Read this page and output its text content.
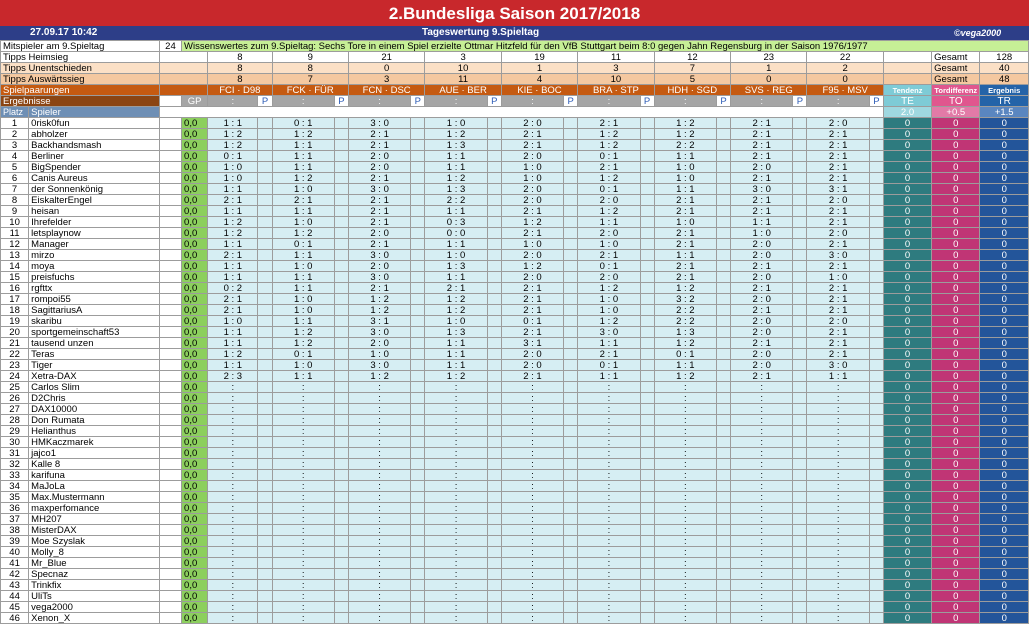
2.Bundesliga Saison 2017/2018
27.09.17 10:42	Tageswertung 9.Spieltag	©vega2000
Mitspieler am 9.Spieltag		24	Wissenswertes zum 9.Spieltag: Sechs Tore in einem Spiel erzielte Ottmar Hitzfeld für den VfB Stuttgart beim 8:0 gegen Jahn Regensburg in der Saison 1976/1977																					
Tipps Heimsieg				8		9		21		3		19		11		12		23		22			Gesamt	128
Tipps Unentschieden				8		8		0		10		1		3		7		1		2			Gesamt	40
Tipps Auswärtssieg				8		7		3		11		4		10		5		0		0			Gesamt	48
Spielpaarungen				FCI · D98		FCK · FÜR		FCN · DSC		AUE · BER		KIE · BOC		BRA · STP		HDH · SGD		SVS · REG		F95 · MSV		Tendenz	Tordifferenz	Ergebnis
Ergebnisse			GP	:	P	:	P	:	P	:	P	:	P	:	P	:	P	:	P	:	P	TE	TO	TR
Platz	Spieler																					2.0	+0.5	+1.5
1	0risk0fun		0,0	1 : 1		0 : 1		3 : 0		1 : 0		2 : 0		2 : 1		1 : 2		2 : 1		2 : 0		0	0	0
2	abholzer		0,0	1 : 2		1 : 2		2 : 1		1 : 2		2 : 1		1 : 2		1 : 2		2 : 1		2 : 1		0	0	0
3	Backhandsmash		0,0	1 : 2		1 : 1		2 : 1		1 : 3		2 : 1		1 : 2		2 : 2		2 : 1		2 : 1		0	0	0
4	Berliner		0,0	0 : 1		1 : 1		2 : 0		1 : 1		2 : 0		0 : 1		1 : 1		2 : 1		2 : 1		0	0	0
5	BigSpender		0,0	1 : 0		1 : 1		2 : 0		1 : 1		1 : 0		2 : 1		1 : 0		2 : 0		2 : 1		0	0	0
6	Canis Aureus		0,0	1 : 0		1 : 2		2 : 1		1 : 2		1 : 0		1 : 2		1 : 0		2 : 1		2 : 1		0	0	0
7	der Sonnenkönig		0,0	1 : 1		1 : 0		3 : 0		1 : 3		2 : 0		0 : 1		1 : 1		3 : 0		3 : 1		0	0	0
8	EiskalterEngel		0,0	2 : 1		2 : 1		2 : 1		2 : 2		2 : 0		2 : 0		2 : 1		2 : 1		2 : 0		0	0	0
9	heisan		0,0	1 : 1		1 : 1		2 : 1		1 : 1		2 : 1		1 : 2		2 : 1		2 : 1		2 : 1		0	0	0
10	Ihrefelder		0,0	1 : 2		1 : 0		2 : 1		0 : 3		1 : 2		1 : 1		1 : 0		1 : 1		2 : 1		0	0	0
11	letsplaynow		0,0	1 : 2		1 : 2		2 : 0		0 : 0		2 : 1		2 : 0		2 : 1		1 : 0		2 : 0		0	0	0
12	Manager		0,0	1 : 1		0 : 1		2 : 1		1 : 1		1 : 0		1 : 0		2 : 1		2 : 0		2 : 1		0	0	0
13	mirzo		0,0	2 : 1		1 : 1		3 : 0		1 : 0		2 : 0		2 : 1		1 : 1		2 : 0		3 : 0		0	0	0
14	moya		0,0	1 : 1		1 : 0		2 : 0		1 : 3		1 : 2		0 : 1		2 : 1		2 : 1		2 : 1		0	0	0
15	preisfuchs		0,0	1 : 1		1 : 1		3 : 0		1 : 1		2 : 0		2 : 0		2 : 1		2 : 0		1 : 0		0	0	0
16	rgfttx		0,0	0 : 2		1 : 1		2 : 1		2 : 1		2 : 1		1 : 2		1 : 2		2 : 1		2 : 1		0	0	0
17	rompoi55		0,0	2 : 1		1 : 0		1 : 2		1 : 2		2 : 1		1 : 0		3 : 2		2 : 0		2 : 1		0	0	0
18	SagittariusA		0,0	2 : 1		1 : 0		1 : 2		1 : 2		2 : 1		1 : 0		2 : 2		2 : 1		2 : 1		0	0	0
19	skaribu		0,0	1 : 0		1 : 1		3 : 1		1 : 0		0 : 1		1 : 2		2 : 2		2 : 0		2 : 0		0	0	0
20	sportgemeinschaft53		0,0	1 : 1		1 : 2		3 : 0		1 : 3		2 : 1		3 : 0		1 : 3		2 : 0		2 : 1		0	0	0
21	tausend unzen		0,0	1 : 1		1 : 2		2 : 0		1 : 1		3 : 1		1 : 1		1 : 2		2 : 1		2 : 1		0	0	0
22	Teras		0,0	1 : 2		0 : 1		1 : 0		1 : 1		2 : 0		2 : 1		0 : 1		2 : 0		2 : 1		0	0	0
23	Tiger		0,0	1 : 1		1 : 0		3 : 0		1 : 1		2 : 0		0 : 1		1 : 1		2 : 0		3 : 0		0	0	0
24	Xetra-DAX		0,0	2 : 3		1 : 1		1 : 2		1 : 2		2 : 1		1 : 1		1 : 2		2 : 1		1 : 1		0	0	0
25	Carlos Slim		0,0	:		:		:		:		:		:		:		:		:		0	0	0
26	D2Chris		0,0	:		:		:		:		:		:		:		:		:		0	0	0
27	DAX10000		0,0	:		:		:		:		:		:		:		:		:		0	0	0
28	Don Rumata		0,0	:		:		:		:		:		:		:		:		:		0	0	0
29	Helianthus		0,0	:		:		:		:		:		:		:		:		:		0	0	0
30	HMKaczmarek		0,0	:		:		:		:		:		:		:		:		:		0	0	0
31	jajco1		0,0	:		:		:		:		:		:		:		:		:		0	0	0
32	Kalle 8		0,0	:		:		:		:		:		:		:		:		:		0	0	0
33	karifuna		0,0	:		:		:		:		:		:		:		:		:		0	0	0
34	MaJoLa		0,0	:		:		:		:		:		:		:		:		:		0	0	0
35	Max.Mustermann		0,0	:		:		:		:		:		:		:		:		:		0	0	0
36	maxperfomance		0,0	:		:		:		:		:		:		:		:		:		0	0	0
37	MH207		0,0	:		:		:		:		:		:		:		:		:		0	0	0
38	MisterDAX		0,0	:		:		:		:		:		:		:		:		:		0	0	0
39	Moe Szyslak		0,0	:		:		:		:		:		:		:		:		:		0	0	0
40	Molly_8		0,0	:		:		:		:		:		:		:		:		:		0	0	0
41	Mr_Blue		0,0	:		:		:		:		:		:		:		:		:		0	0	0
42	Specnaz		0,0	:		:		:		:		:		:		:		:		:		0	0	0
43	Trinkfix		0,0	:		:		:		:		:		:		:		:		:		0	0	0
44	UliTs		0,0	:		:		:		:		:		:		:		:		:		0	0	0
45	vega2000		0,0	:		:		:		:		:		:		:		:		:		0	0	0
46	Xenon_X		0,0	:		:		:		:		:		:		:		:		:		0	0	0
